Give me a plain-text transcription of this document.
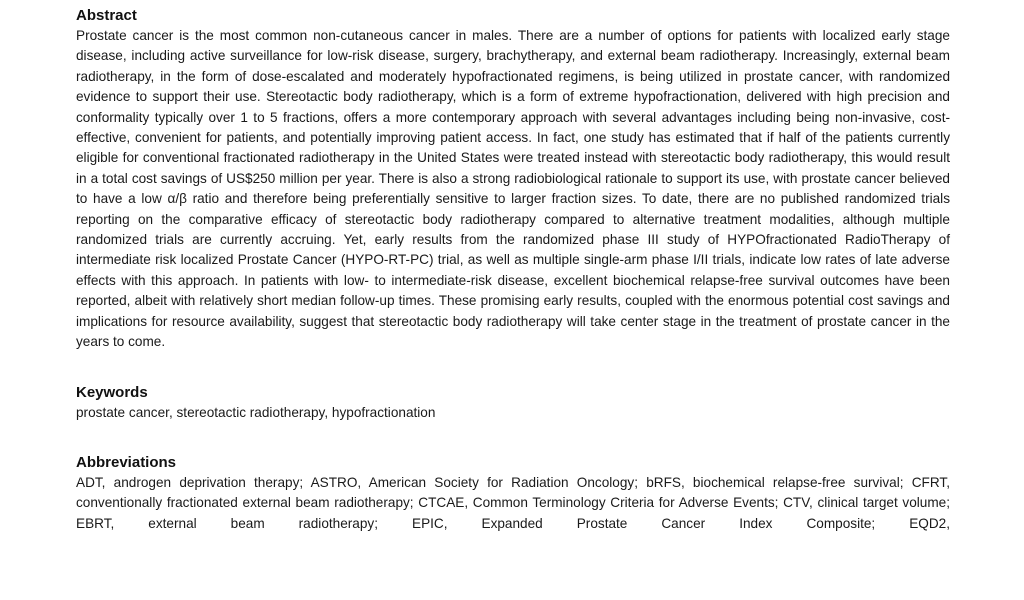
Abstract

Prostate cancer is the most common non-cutaneous cancer in males. There are a number of options for patients with localized early stage disease, including active surveillance for low-risk disease, surgery, brachytherapy, and external beam radiotherapy. Increasingly, external beam radiotherapy, in the form of dose-escalated and moderately hypofractionated regimens, is being utilized in prostate cancer, with randomized evidence to support their use. Stereotactic body radiotherapy, which is a form of extreme hypofractionation, delivered with high precision and conformality typically over 1 to 5 fractions, offers a more contemporary approach with several advantages including being non-invasive, cost-effective, convenient for patients, and potentially improving patient access. In fact, one study has estimated that if half of the patients currently eligible for conventional fractionated radiotherapy in the United States were treated instead with stereotactic body radiotherapy, this would result in a total cost savings of US$250 million per year. There is also a strong radiobiological rationale to support its use, with prostate cancer believed to have a low α/β ratio and therefore being preferentially sensitive to larger fraction sizes. To date, there are no published randomized trials reporting on the comparative efficacy of stereotactic body radiotherapy compared to alternative treatment modalities, although multiple randomized trials are currently accruing. Yet, early results from the randomized phase III study of HYPOfractionated RadioTherapy of intermediate risk localized Prostate Cancer (HYPO-RT-PC) trial, as well as multiple single-arm phase I/II trials, indicate low rates of late adverse effects with this approach. In patients with low- to intermediate-risk disease, excellent biochemical relapse-free survival outcomes have been reported, albeit with relatively short median follow-up times. These promising early results, coupled with the enormous potential cost savings and implications for resource availability, suggest that stereotactic body radiotherapy will take center stage in the treatment of prostate cancer in the years to come.

Keywords

prostate cancer, stereotactic radiotherapy, hypofractionation

Abbreviations

ADT, androgen deprivation therapy; ASTRO, American Society for Radiation Oncology; bRFS, biochemical relapse-free survival; CFRT, conventionally fractionated external beam radiotherapy; CTCAE, Common Terminology Criteria for Adverse Events; CTV, clinical target volume; EBRT, external beam radiotherapy; EPIC, Expanded Prostate Cancer Index Composite; EQD2,
